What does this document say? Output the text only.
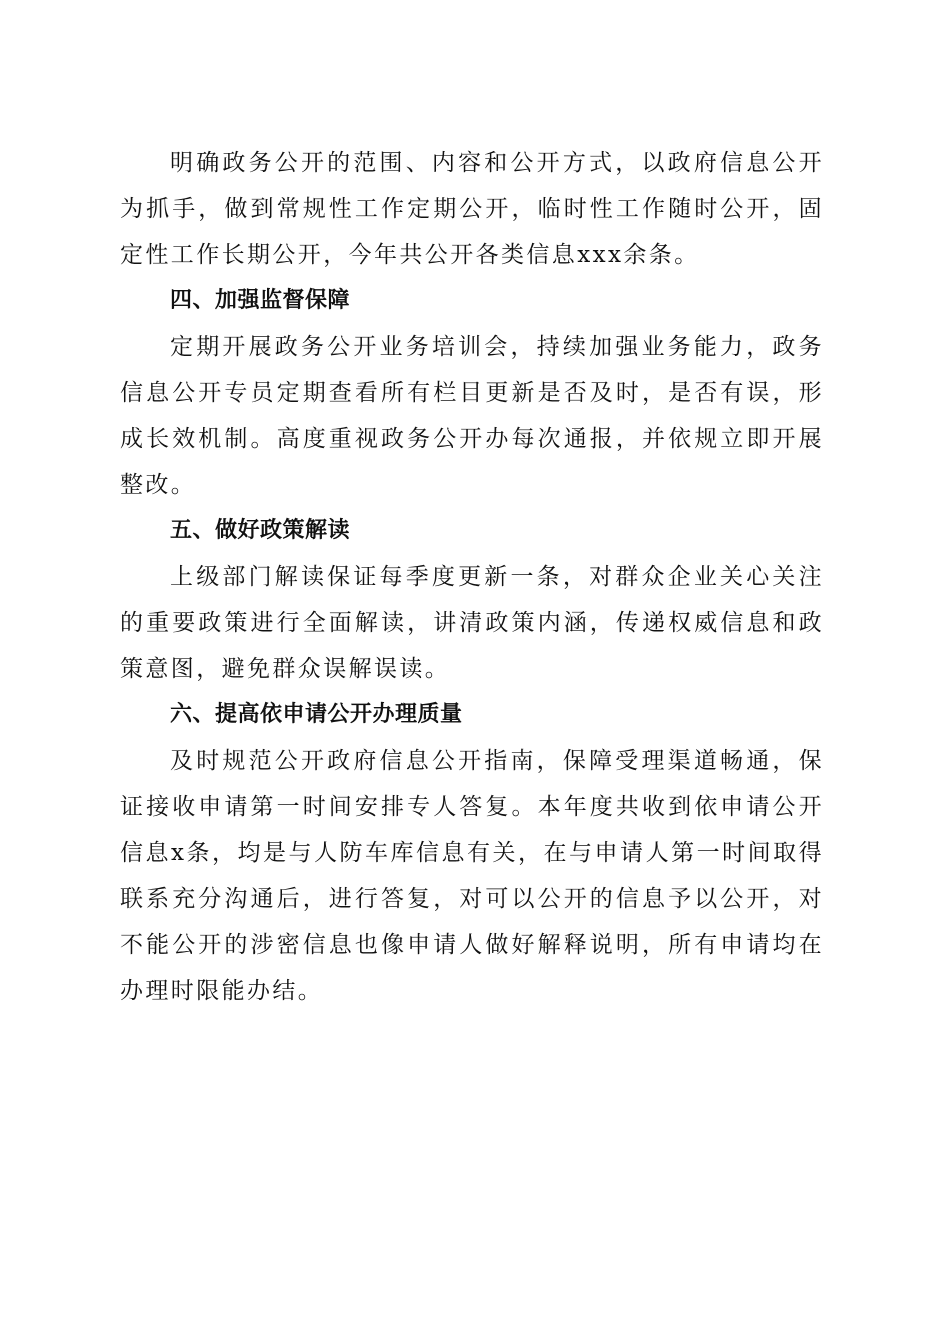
明确政务公开的范围、内容和公开方式，以政府信息公开为抓手，做到常规性工作定期公开，临时性工作随时公开，固定性工作长期公开，今年共公开各类信息xxx余条。

四、加强监督保障

定期开展政务公开业务培训会，持续加强业务能力，政务信息公开专员定期查看所有栏目更新是否及时，是否有误，形成长效机制。高度重视政务公开办每次通报，并依规立即开展整改。

五、做好政策解读

上级部门解读保证每季度更新一条，对群众企业关心关注的重要政策进行全面解读，讲清政策内涵，传递权威信息和政策意图，避免群众误解误读。

六、提高依申请公开办理质量

及时规范公开政府信息公开指南，保障受理渠道畅通，保证接收申请第一时间安排专人答复。本年度共收到依申请公开信息x条，均是与人防车库信息有关，在与申请人第一时间取得联系充分沟通后，进行答复，对可以公开的信息予以公开，对不能公开的涉密信息也像申请人做好解释说明，所有申请均在办理时限能办结。
